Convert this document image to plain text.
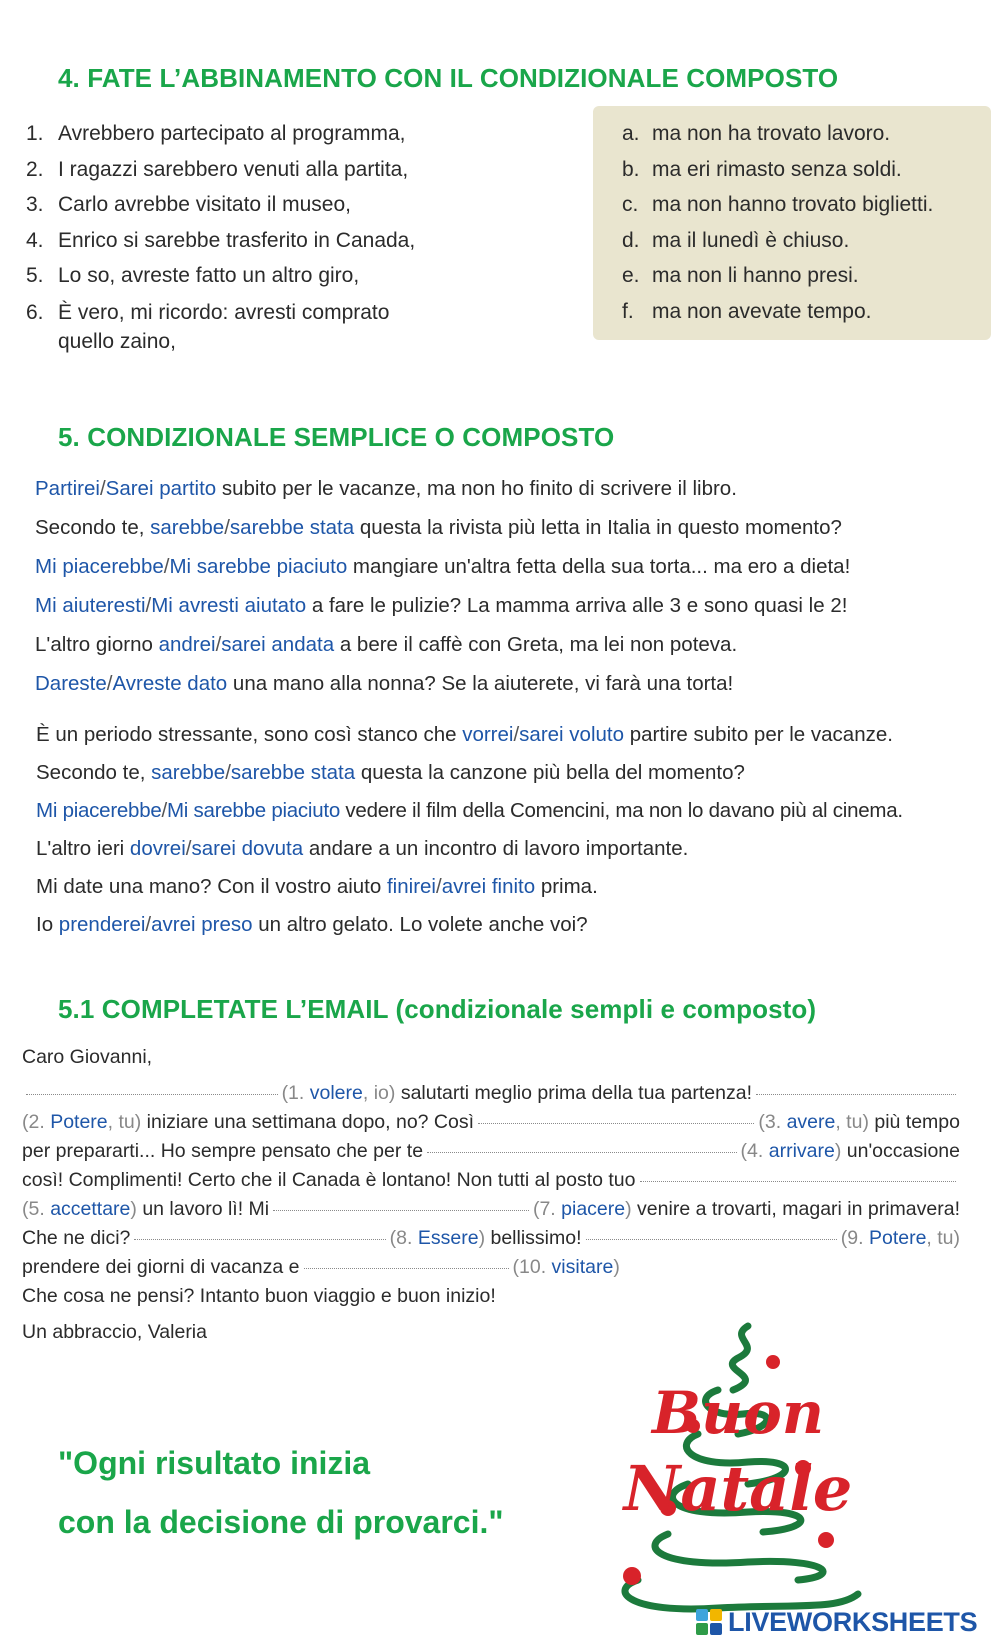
4. FATE L’ABBINAMENTO CON IL CONDIZIONALE COMPOSTO
1. Avrebbero partecipato al programma,
2. I ragazzi sarebbero venuti alla partita,
3. Carlo avrebbe visitato il museo,
4. Enrico si sarebbe trasferito in Canada,
5. Lo so, avreste fatto un altro giro,
6. È vero, mi ricordo: avresti comprato quello zaino,
a. ma non ha trovato lavoro.
b. ma eri rimasto senza soldi.
c. ma non hanno trovato biglietti.
d. ma il lunedì è chiuso.
e. ma non li hanno presi.
f. ma non avevate tempo.
5. CONDIZIONALE SEMPLICE O COMPOSTO
Partirei/Sarei partito subito per le vacanze, ma non ho finito di scrivere il libro.
Secondo te, sarebbe/sarebbe stata questa la rivista più letta in Italia in questo momento?
Mi piacerebbe/Mi sarebbe piaciuto mangiare un'altra fetta della sua torta... ma ero a dieta!
Mi aiuteresti/Mi avresti aiutato a fare le pulizie? La mamma arriva alle 3 e sono quasi le 2!
L'altro giorno andrei/sarei andata a bere il caffè con Greta, ma lei non poteva.
Dareste/Avreste dato una mano alla nonna? Se la aiuterete, vi farà una torta!
È un periodo stressante, sono così stanco che vorrei/sarei voluto partire subito per le vacanze.
Secondo te, sarebbe/sarebbe stata questa la canzone più bella del momento?
Mi piacerebbe/Mi sarebbe piaciuto vedere il film della Comencini, ma non lo davano più al cinema.
L'altro ieri dovrei/sarei dovuta andare a un incontro di lavoro importante.
Mi date una mano? Con il vostro aiuto finirei/avrei finito prima.
Io prenderei/avrei preso un altro gelato. Lo volete anche voi?
5.1 COMPLETATE L’EMAIL (condizionale sempli e composto)
Caro Giovanni,
(1. volere, io)
salutarti meglio prima della tua partenza!
(2. Potere, tu)
iniziare una settimana dopo, no? Così	(3. avere, tu)
più tempo
per prepararti... Ho sempre pensato che per te	(4. arrivare)
un'occasione
così! Complimenti! Certo che il Canada è lontano! Non tutti al posto tuo
(5. accettare)
un lavoro lì! Mi	(7. piacere)
venire a trovarti, magari in primavera!
Che ne dici?	(8. Essere)
bellissimo!	(9. Potere, tu)
prendere dei giorni di vacanza e	(10. visitare)
Che cosa ne pensi? Intanto buon viaggio e buon inizio!
Un abbraccio, Valeria
"Ogni risultato inizia
con la decisione di provarci."
Buon
Natale
LIVEWORKSHEETS
